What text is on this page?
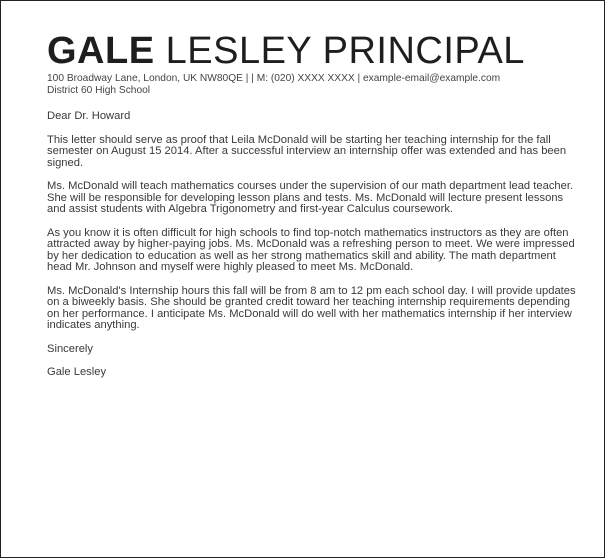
GALE LESLEY PRINCIPAL
100 Broadway Lane, London, UK NW80QE | | M: (020) XXXX XXXX | example-email@example.com
District 60 High School

Dear Dr. Howard

This letter should serve as proof that Leila McDonald will be starting her teaching internship for the fall semester on August 15 2014. After a successful interview an internship offer was extended and has been signed.

Ms. McDonald will teach mathematics courses under the supervision of our math department lead teacher. She will be responsible for developing lesson plans and tests. Ms. McDonald will lecture present lessons and assist students with Algebra Trigonometry and first-year Calculus coursework.

As you know it is often difficult for high schools to find top-notch mathematics instructors as they are often attracted away by higher-paying jobs. Ms. McDonald was a refreshing person to meet. We were impressed by her dedication to education as well as her strong mathematics skill and ability. The math department head Mr. Johnson and myself were highly pleased to meet Ms. McDonald.

Ms. McDonald's Internship hours this fall will be from 8 am to 12 pm each school day. I will provide updates on a biweekly basis. She should be granted credit toward her teaching internship requirements depending on her performance. I anticipate Ms. McDonald will do well with her mathematics internship if her interview indicates anything.

Sincerely

Gale Lesley
